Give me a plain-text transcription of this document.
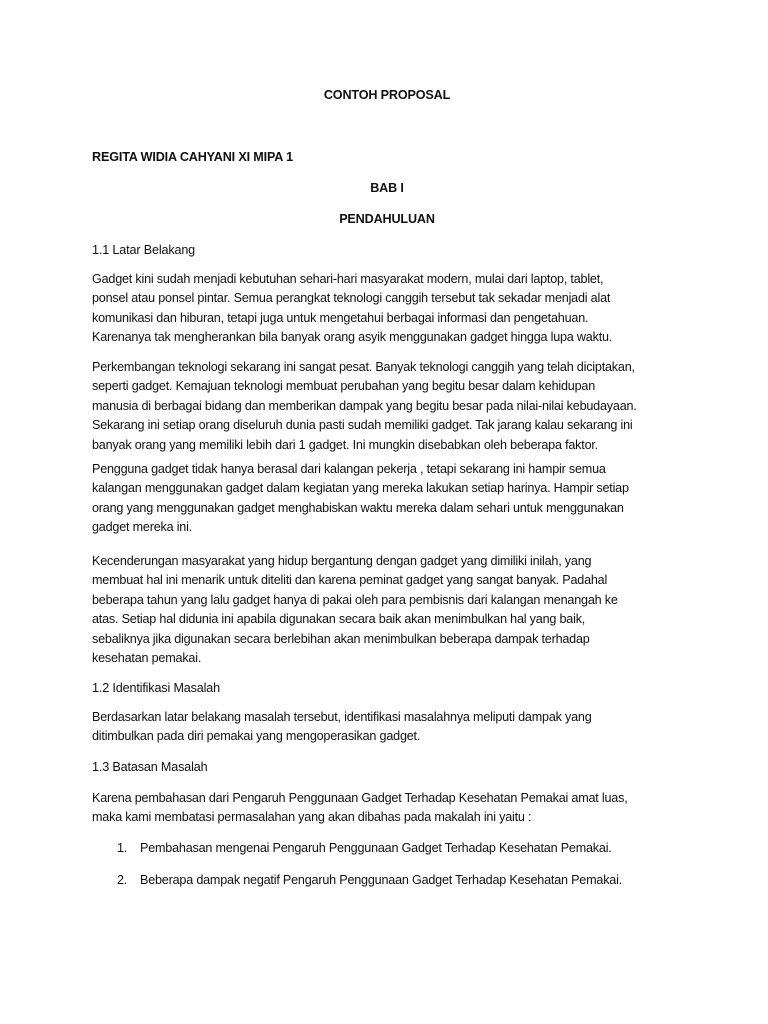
CONTOH PROPOSAL
REGITA WIDIA CAHYANI XI MIPA 1
BAB I
PENDAHULUAN
1.1 Latar Belakang
Gadget kini sudah menjadi kebutuhan sehari-hari masyarakat modern, mulai dari laptop, tablet,
ponsel atau ponsel pintar. Semua perangkat teknologi canggih tersebut tak sekadar menjadi alat
komunikasi dan hiburan, tetapi juga untuk mengetahui berbagai informasi dan pengetahuan.
Karenanya tak mengherankan bila banyak orang asyik menggunakan gadget hingga lupa waktu.
Perkembangan teknologi sekarang ini sangat pesat. Banyak teknologi canggih yang telah diciptakan,
seperti gadget. Kemajuan teknologi membuat perubahan yang begitu besar dalam kehidupan
manusia di berbagai bidang dan memberikan dampak yang begitu besar pada nilai-nilai kebudayaan.
Sekarang ini setiap orang diseluruh dunia pasti sudah memiliki gadget. Tak jarang kalau sekarang ini
banyak orang yang memiliki lebih dari 1 gadget. Ini mungkin disebabkan oleh beberapa faktor.
Pengguna gadget tidak hanya berasal dari kalangan pekerja , tetapi sekarang ini hampir semua
kalangan menggunakan gadget dalam kegiatan yang mereka lakukan setiap harinya. Hampir setiap
orang yang menggunakan gadget menghabiskan waktu mereka dalam sehari untuk menggunakan
gadget mereka ini.
Kecenderungan masyarakat yang hidup bergantung dengan gadget yang dimiliki inilah, yang
membuat hal ini menarik untuk diteliti dan karena peminat gadget yang sangat banyak. Padahal
beberapa tahun yang lalu gadget hanya di pakai oleh para pembisnis dari kalangan menangah ke
atas. Setiap hal didunia ini apabila digunakan secara baik akan menimbulkan hal yang baik,
sebaliknya jika digunakan secara berlebihan akan menimbulkan beberapa dampak terhadap
kesehatan pemakai.
1.2 Identifikasi Masalah
Berdasarkan latar belakang masalah tersebut, identifikasi masalahnya meliputi dampak yang
ditimbulkan pada diri pemakai yang mengoperasikan gadget.
1.3 Batasan Masalah
Karena pembahasan dari Pengaruh Penggunaan Gadget Terhadap Kesehatan Pemakai amat luas,
maka kami membatasi permasalahan yang akan dibahas pada makalah ini yaitu :
1. Pembahasan mengenai Pengaruh Penggunaan Gadget Terhadap Kesehatan Pemakai.
2. Beberapa dampak negatif Pengaruh Penggunaan Gadget Terhadap Kesehatan Pemakai.
